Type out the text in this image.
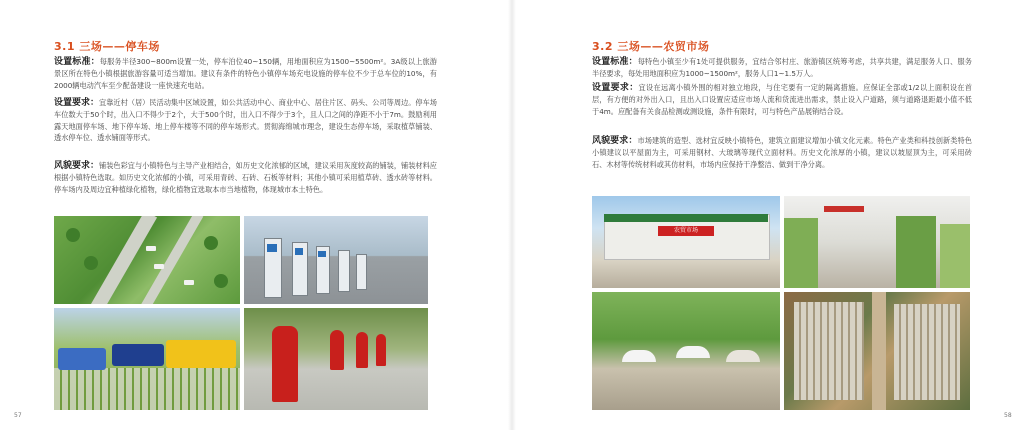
3.1 三场——停车场
设置标准：每服务半径300~800m设置一处，停车泊位40~150辆，用地面积应为1500~5500m²。3A级以上旅游景区所在特色小镇根据旅游容量可适当增加。建议有条件的特色小镇停车场充电设施的停车位不少于总车位的10%，有2000辆电动汽车至少配备建设一座快速充电站。
设置要求：宜靠近村（居）民活动集中区域设置，如公共活动中心、商业中心、居住片区、码头、公司等周边。停车场车位数大于50个时，出入口不得少于2个，大于500个时，出入口不得少于3个，且人口之间的净距不小于7m。鼓励利用露天地面停车场、地下停车场、地上停车楼等不同的停车场形式。贯彻海绵城市理念，建设生态停车场，采取植草铺装、透水停车位、透水铺面等形式。
风貌要求：铺装色彩宜与小镇特色与主导产业相结合，如历史文化浓郁的区域，建议采用灰度较高的铺装，铺装材料应根据小镇特色选取。如历史文化浓郁的小镇，可采用青砖、石砖、石板等材料；其他小镇可采用植草砖、透水砖等材料。停车场内及周边宜种植绿化植物，绿化植物宜选取本市当地植物，体现城市本土特色。
57
3.2 三场——农贸市场
设置标准：每特色小镇至少有1处可提供服务，宜结合邻村庄、旅游镇区统筹考虑，共享共建，满足服务人口、服务半径要求，每处用地面积应为1000~1500m²，服务人口1~1.5万人。
设置要求：宜设在远离小镇外围的相对独立地段，与住宅要有一定的隔离措施。应保证全部或1/2以上面积设在首层，有方便的对外出入口，且出入口设置应适应市场人流和货流进出需求，禁止设入户道路，须与道路退距最小值不低于4m。应配备有关食品检测或测设施，条件有限时，可与特色产品展销结合设。
风貌要求：市场建筑的造型、选材宜反映小镇特色，建筑立面建议增加小镇文化元素。特色产业类和科技创新类特色小镇建议以平屋面为主，可采用钢材、大玻璃等现代立面材料。历史文化浓厚的小镇，建议以坡屋顶为主，可采用砖石、木材等传统材料或其仿材料，市场内应保持干净整洁、做到干净分离。
农贸市场
58
